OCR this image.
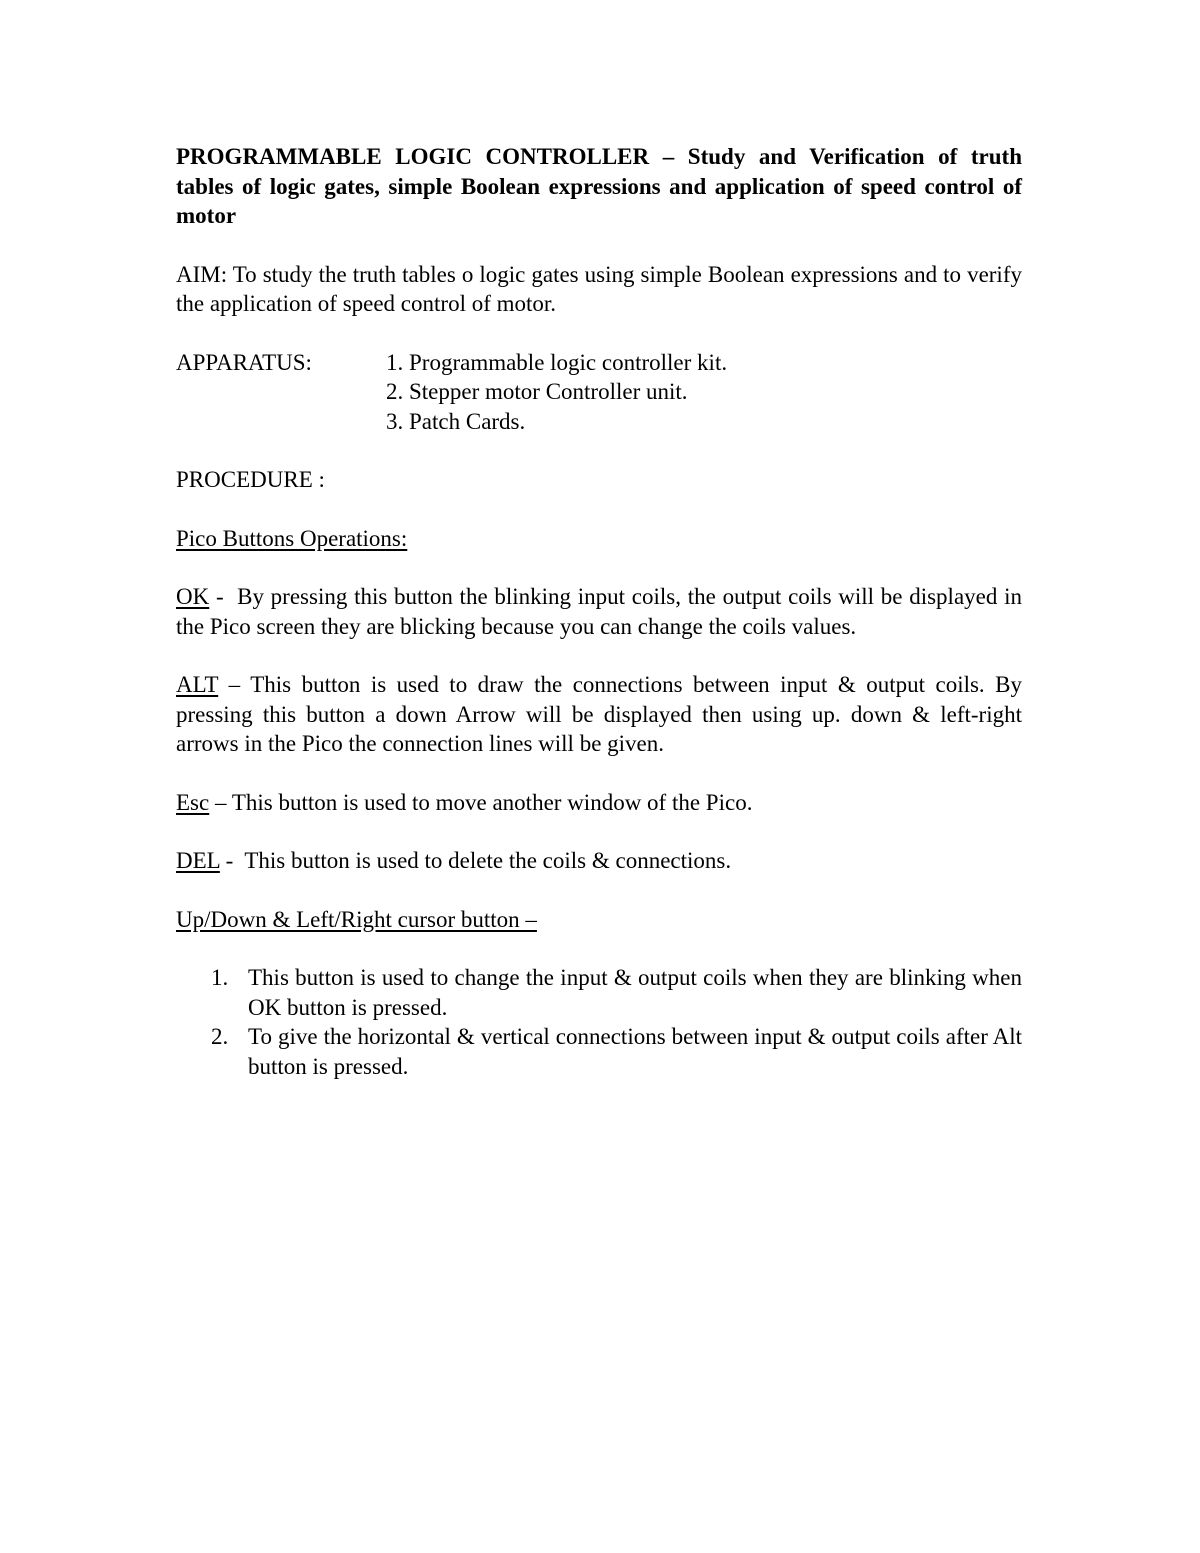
PROGRAMMABLE LOGIC CONTROLLER – Study and Verification of truth tables of logic gates, simple Boolean expressions and application of speed control of motor

AIM: To study the truth tables o logic gates using simple Boolean expressions and to verify the application of speed control of motor.

APPARATUS:	1. Programmable logic controller kit.
2. Stepper motor Controller unit.
3. Patch Cards.

PROCEDURE :

Pico Buttons Operations:

OK -  By pressing this button the blinking input coils, the output coils will be displayed in the Pico screen they are blicking because you can change the coils values.

ALT – This button is used to draw the connections between input & output coils. By pressing this button a down Arrow will be displayed then using up. down & left-right arrows in the Pico the connection lines will be given.

Esc – This button is used to move another window of the Pico.

DEL -  This button is used to delete the coils & connections.

Up/Down & Left/Right cursor button –

1. This button is used to change the input & output coils when they are blinking when OK button is pressed.
2. To give the horizontal & vertical connections between input & output coils after Alt button is pressed.
